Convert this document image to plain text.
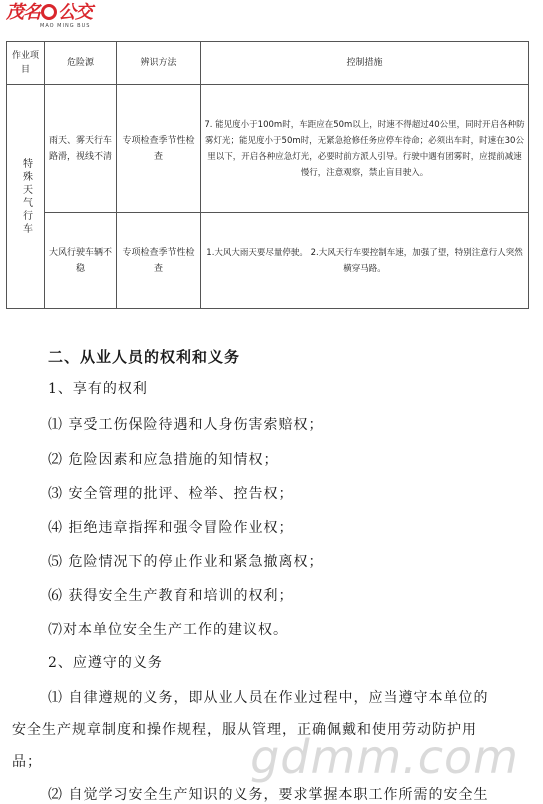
茂名 公交
MAO MING BUS
作业项目	危险源	辨识方法	控制措施
特殊天气行车	雨天、雾天行车路滑，视线不清	专项检查季节性检查	7. 能见度小于100m时，车距应在50m以上，时速不得超过40公里，同时开启各种防雾灯光；能见度小于50m时，无紧急抢修任务应停车待命；必须出车时，时速在30公里以下，开启各种应急灯光，必要时前方派人引导。行驶中遇有团雾时，应提前减速慢行，注意观察，禁止盲目驶入。

	大风行驶车辆不稳	专项检查季节性检查	1.大风大雨天要尽量停驶。 2.大风天行车要控制车速，加强了望，特别注意行人突然横穿马路。
二、从业人员的权利和义务
1、享有的权利
⑴ 享受工伤保险待遇和人身伤害索赔权；
⑵ 危险因素和应急措施的知情权；
⑶ 安全管理的批评、检举、控告权；
⑷ 拒绝违章指挥和强令冒险作业权；
⑸ 危险情况下的停止作业和紧急撤离权；
⑹ 获得安全生产教育和培训的权利；
⑺对本单位安全生产工作的建议权。
2、应遵守的义务
⑴ 自律遵规的义务，即从业人员在作业过程中，应当遵守本单位的
安全生产规章制度和操作规程，服从管理，正确佩戴和使用劳动防护用
品；
⑵ 自觉学习安全生产知识的义务，要求掌握本职工作所需的安全生
gdmm.com
